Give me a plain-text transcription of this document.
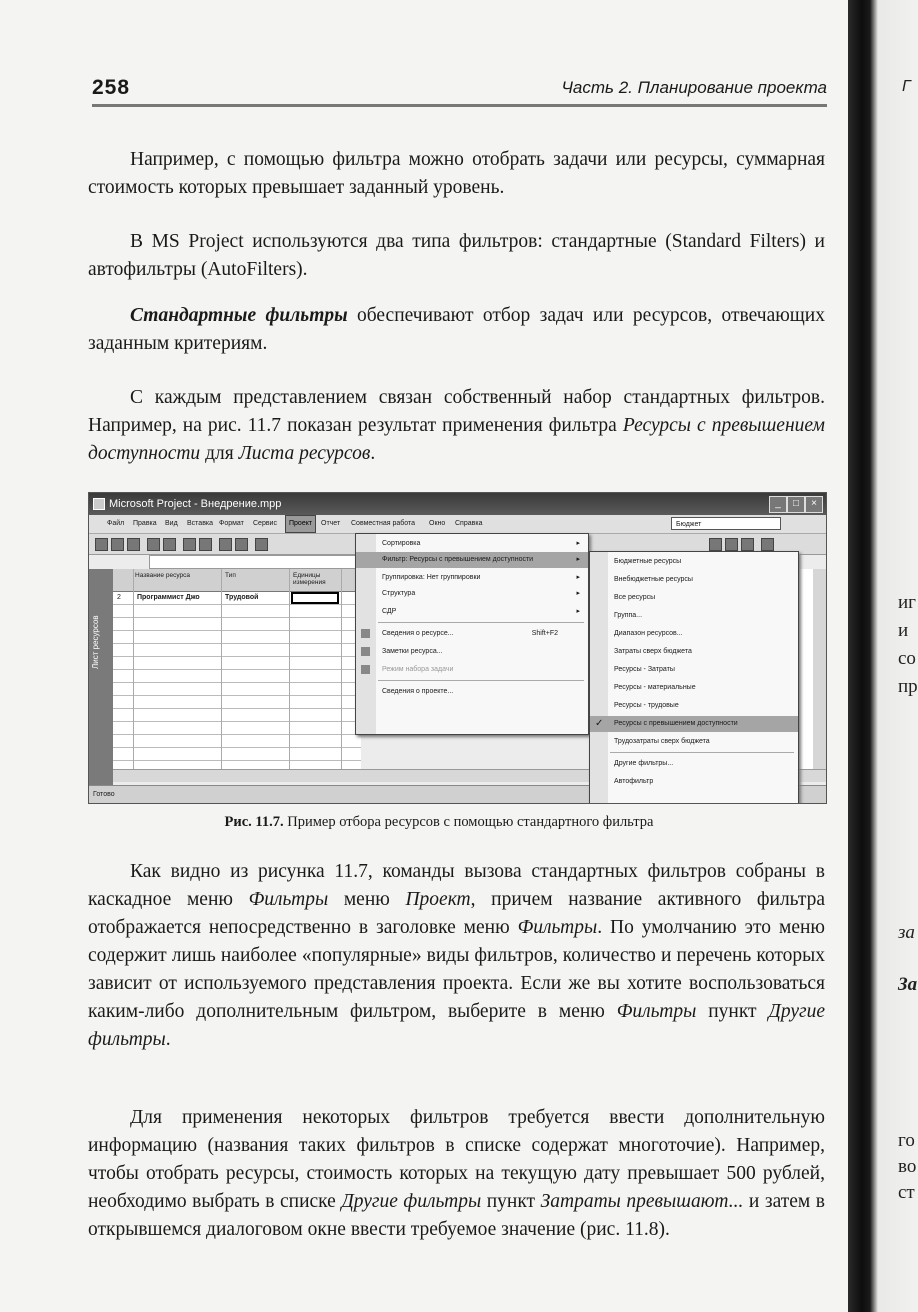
258	Часть 2. Планирование проекта

Например, с помощью фильтра можно отобрать задачи или ресурсы, суммарная стоимость которых превышает заданный уровень.

В MS Project используются два типа фильтров: стандартные (Standard Filters) и автофильтры (AutoFilters).

Стандартные фильтры обеспечивают отбор задач или ресурсов, отвечающих заданным критериям.

С каждым представлением связан собственный набор стандартных фильтров. Например, на рис. 11.7 показан результат применения фильтра Ресурсы с превышением доступности для Листа ресурсов.

Microsoft Project - Внедрение.mpp	_	□	×
Файл Правка Вид Вставка Формат Сервис	Проект	Отчет Совместная работа Окно Справка	Бюджет
Лист ресурсов
Название ресурса	Тип	Единицы измерения
2 Программист Джо	Трудовой
Готово
Сортировка	▸
Фильтр: Ресурсы с превышением доступности	▸
Группировка: Нет группировки	▸
Структура	▸
СДР	▸
Сведения о ресурсе...	Shift+F2
Заметки ресурса...
Режим набора задачи
Сведения о проекте...
Бюджетные ресурсы
Внебюджетные ресурсы
Все ресурсы
Группа...
Диапазон ресурсов...
Затраты сверх бюджета
Ресурсы - Затраты
Ресурсы - материальные
Ресурсы - трудовые
✓ Ресурсы с превышением доступности
Трудозатраты сверх бюджета
Другие фильтры...
Автофильтр
Рис. 11.7. Пример отбора ресурсов с помощью стандартного фильтра

Как видно из рисунка 11.7, команды вызова стандартных фильтров собраны в каскадное меню Фильтры меню Проект, причем название активного фильтра отображается непосредственно в заголовке меню Фильтры. По умолчанию это меню содержит лишь наиболее «популярные» виды фильтров, количество и перечень которых зависит от используемого представления проекта. Если же вы хотите воспользоваться каким-либо дополнительным фильтром, выберите в меню Фильтры пункт Другие фильтры.

Для применения некоторых фильтров требуется ввести дополнительную информацию (названия таких фильтров в списке содержат многоточие). Например, чтобы отобрать ресурсы, стоимость которых на текущую дату превышает 500 рублей, необходимо выбрать в списке Другие фильтры пункт Затраты превышают... и затем в открывшемся диалоговом окне ввести требуемое значение (рис. 11.8).

Г
иг
и
со
пр
за
За
го
во
ст
